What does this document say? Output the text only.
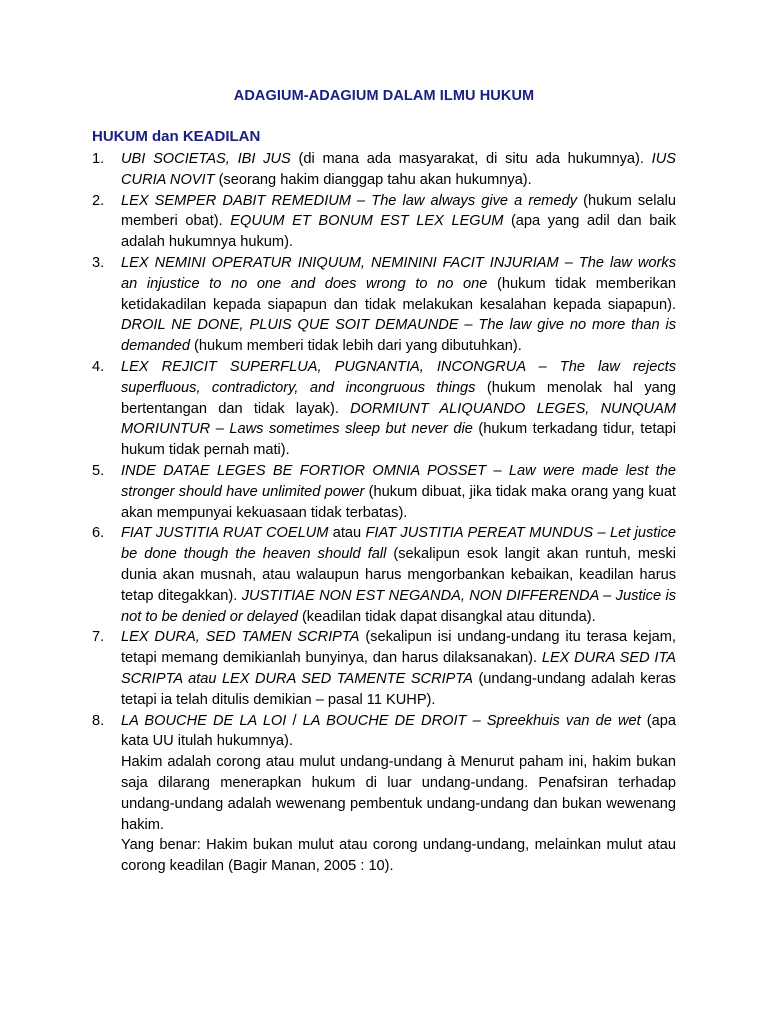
ADAGIUM-ADAGIUM DALAM ILMU HUKUM
HUKUM dan KEADILAN
1.	UBI SOCIETAS, IBI JUS (di mana ada masyarakat, di situ ada hukumnya). IUS CURIA NOVIT (seorang hakim dianggap tahu akan hukumnya).
2.	LEX SEMPER DABIT REMEDIUM – The law always give a remedy (hukum selalu memberi obat). EQUUM ET BONUM EST LEX LEGUM (apa yang adil dan baik adalah hukumnya hukum).
3.	LEX NEMINI OPERATUR INIQUUM, NEMININI FACIT INJURIAM – The law works an injustice to no one and does wrong to no one (hukum tidak memberikan ketidakadilan kepada siapapun dan tidak melakukan kesalahan kepada siapapun). DROIL NE DONE, PLUIS QUE SOIT DEMAUNDE – The law give no more than is demanded (hukum memberi tidak lebih dari yang dibutuhkan).
4.	LEX REJICIT SUPERFLUA, PUGNANTIA, INCONGRUA – The law rejects superfluous, contradictory, and incongruous things (hukum menolak hal yang bertentangan dan tidak layak). DORMIUNT ALIQUANDO LEGES, NUNQUAM MORIUNTUR – Laws sometimes sleep but never die (hukum terkadang tidur, tetapi hukum tidak pernah mati).
5.	INDE DATAE LEGES BE FORTIOR OMNIA POSSET – Law were made lest the stronger should have unlimited power (hukum dibuat, jika tidak maka orang yang kuat akan mempunyai kekuasaan tidak terbatas).
6.	FIAT JUSTITIA RUAT COELUM atau FIAT JUSTITIA PEREAT MUNDUS – Let justice be done though the heaven should fall (sekalipun esok langit akan runtuh, meski dunia akan musnah, atau walaupun harus mengorbankan kebaikan, keadilan harus tetap ditegakkan). JUSTITIAE NON EST NEGANDA, NON DIFFERENDA – Justice is not to be denied or delayed (keadilan tidak dapat disangkal atau ditunda).
7.	LEX DURA, SED TAMEN SCRIPTA (sekalipun isi undang-undang itu terasa kejam, tetapi memang demikianlah bunyinya, dan harus dilaksanakan). LEX DURA SED ITA SCRIPTA atau LEX DURA SED TAMENTE SCRIPTA (undang-undang adalah keras tetapi ia telah ditulis demikian – pasal 11 KUHP).
8.	LA BOUCHE DE LA LOI / LA BOUCHE DE DROIT – Spreekhuis van de wet (apa kata UU itulah hukumnya).
Hakim adalah corong atau mulut undang-undang à Menurut paham ini, hakim bukan saja dilarang menerapkan hukum di luar undang-undang. Penafsiran terhadap undang-undang adalah wewenang pembentuk undang-undang dan bukan wewenang hakim.
Yang benar: Hakim bukan mulut atau corong undang-undang, melainkan mulut atau corong keadilan (Bagir Manan, 2005 : 10).
